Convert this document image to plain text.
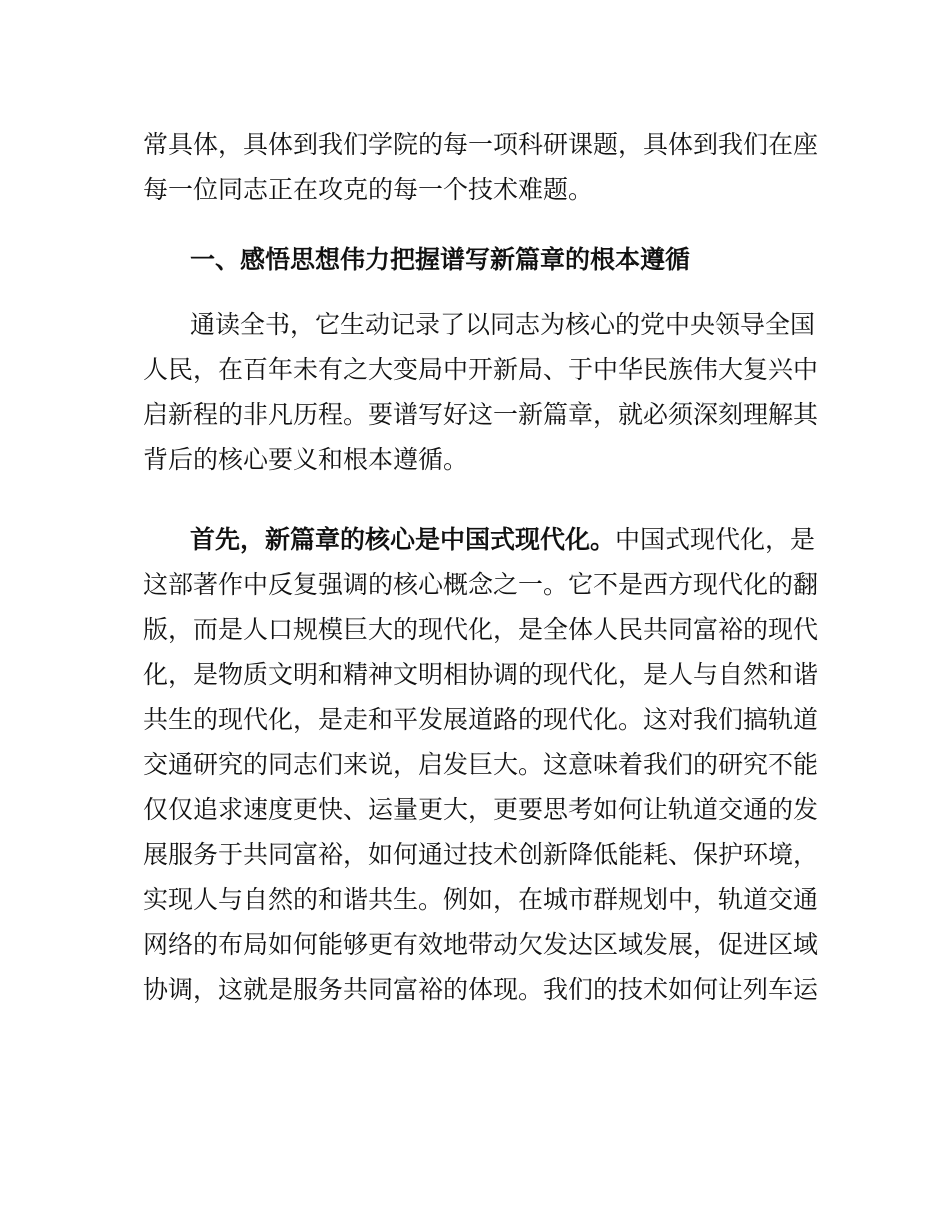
常具体，具体到我们学院的每一项科研课题，具体到我们在座
每一位同志正在攻克的每一个技术难题。
一、感悟思想伟力把握谱写新篇章的根本遵循
通读全书，它生动记录了以同志为核心的党中央领导全国
人民，在百年未有之大变局中开新局、于中华民族伟大复兴中
启新程的非凡历程。要谱写好这一新篇章，就必须深刻理解其
背后的核心要义和根本遵循。
首先，新篇章的核心是中国式现代化。中国式现代化，是
这部著作中反复强调的核心概念之一。它不是西方现代化的翻
版，而是人口规模巨大的现代化，是全体人民共同富裕的现代
化，是物质文明和精神文明相协调的现代化，是人与自然和谐
共生的现代化，是走和平发展道路的现代化。这对我们搞轨道
交通研究的同志们来说，启发巨大。这意味着我们的研究不能
仅仅追求速度更快、运量更大，更要思考如何让轨道交通的发
展服务于共同富裕，如何通过技术创新降低能耗、保护环境，
实现人与自然的和谐共生。例如，在城市群规划中，轨道交通
网络的布局如何能够更有效地带动欠发达区域发展，促进区域
协调，这就是服务共同富裕的体现。我们的技术如何让列车运
